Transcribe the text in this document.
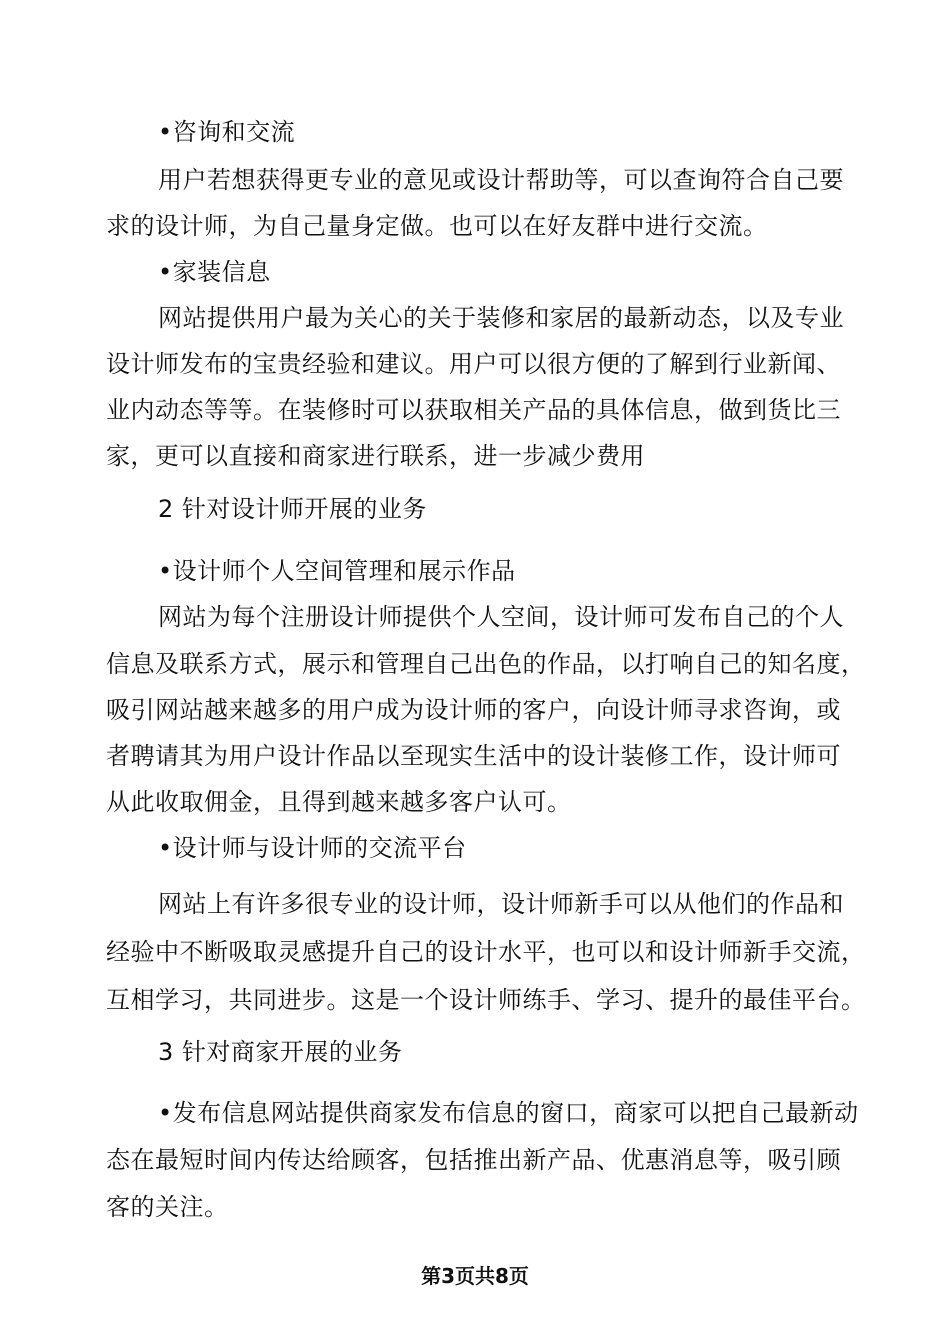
•咨询和交流
用户若想获得更专业的意见或设计帮助等，可以查询符合自己要
求的设计师，为自己量身定做。也可以在好友群中进行交流。
•家装信息
网站提供用户最为关心的关于装修和家居的最新动态，以及专业
设计师发布的宝贵经验和建议。用户可以很方便的了解到行业新闻、
业内动态等等。在装修时可以获取相关产品的具体信息，做到货比三
家，更可以直接和商家进行联系，进一步减少费用
2 针对设计师开展的业务
•设计师个人空间管理和展示作品
网站为每个注册设计师提供个人空间，设计师可发布自己的个人
信息及联系方式，展示和管理自己出色的作品，以打响自己的知名度，
吸引网站越来越多的用户成为设计师的客户，向设计师寻求咨询，或
者聘请其为用户设计作品以至现实生活中的设计装修工作，设计师可
从此收取佣金，且得到越来越多客户认可。
•设计师与设计师的交流平台
网站上有许多很专业的设计师，设计师新手可以从他们的作品和
经验中不断吸取灵感提升自己的设计水平，也可以和设计师新手交流，
互相学习，共同进步。这是一个设计师练手、学习、提升的最佳平台。
3 针对商家开展的业务
•发布信息网站提供商家发布信息的窗口，商家可以把自己最新动
态在最短时间内传达给顾客，包括推出新产品、优惠消息等，吸引顾
客的关注。
第3页共8页
